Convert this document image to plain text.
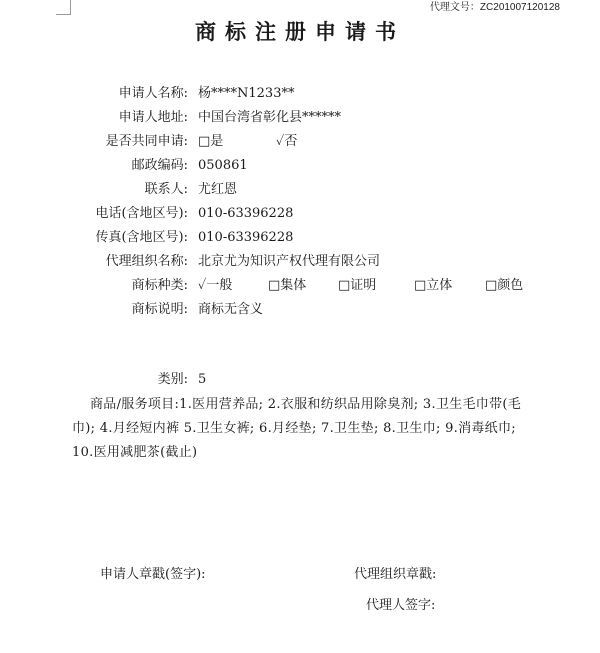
代理文号：ZC201007120128
商标注册申请书
申请人名称: 杨****N1233**
申请人地址: 中国台湾省彰化县******
是否共同申请: □是	✓否
邮政编码: 050861
联系人: 尤红恩
电话(含地区号): 010-63396228
传真(含地区号): 010-63396228
代理组织名称: 北京尤为知识产权代理有限公司
商标种类: ✓一般	□集体 □证明	□立体	□颜色
商标说明: 商标无含义
类别: 5
商品/服务项目:1.医用营养品; 2.衣服和纺织品用除臭剂; 3.卫生毛巾带(毛巾); 4.月经短内裤 5.卫生女裤; 6.月经垫; 7.卫生垫; 8.卫生巾; 9.消毒纸巾; 10.医用减肥茶(截止)
申请人章戳(签字):	代理组织章戳:
代理人签字:
